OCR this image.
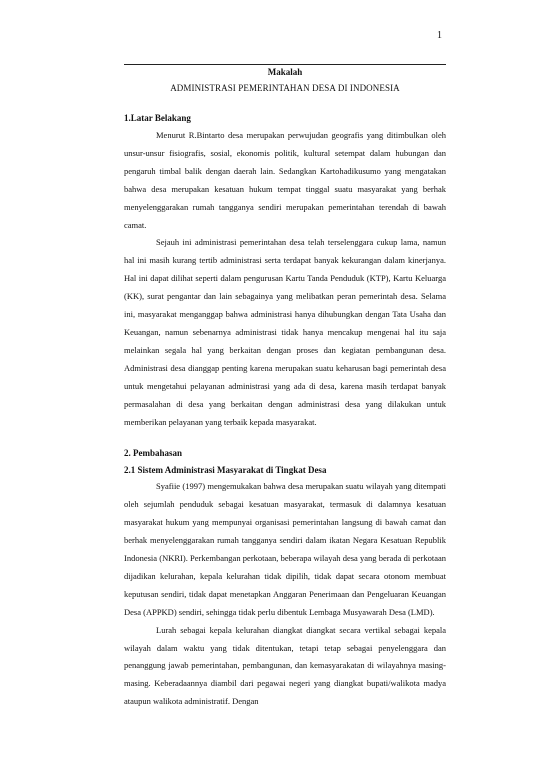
1

Makalah

ADMINISTRASI PEMERINTAHAN DESA DI INDONESIA

1.Latar Belakang

Menurut R.Bintarto desa merupakan perwujudan geografis yang ditimbulkan oleh unsur-unsur fisiografis, sosial, ekonomis politik, kultural setempat dalam hubungan dan pengaruh timbal balik dengan daerah lain. Sedangkan Kartohadikusumo yang mengatakan bahwa desa merupakan kesatuan hukum tempat tinggal suatu masyarakat yang berhak menyelenggarakan rumah tangganya sendiri merupakan pemerintahan terendah di bawah camat.

Sejauh ini administrasi pemerintahan desa telah terselenggara cukup lama, namun hal ini masih kurang tertib administrasi serta terdapat banyak kekurangan dalam kinerjanya. Hal ini dapat dilihat seperti dalam pengurusan Kartu Tanda Penduduk (KTP), Kartu Keluarga (KK), surat pengantar dan lain sebagainya yang melibatkan peran pemerintah desa. Selama ini, masyarakat menganggap bahwa administrasi hanya dihubungkan dengan Tata Usaha dan Keuangan, namun sebenarnya administrasi tidak hanya mencakup mengenai hal itu saja melainkan segala hal yang berkaitan dengan proses dan kegiatan pembangunan desa. Administrasi desa dianggap penting karena merupakan suatu keharusan bagi pemerintah desa untuk mengetahui pelayanan administrasi yang ada di desa, karena masih terdapat banyak permasalahan di desa yang berkaitan dengan administrasi desa yang dilakukan untuk memberikan pelayanan yang terbaik kepada masyarakat.

2. Pembahasan

2.1 Sistem Administrasi Masyarakat di Tingkat Desa

Syafiie (1997) mengemukakan bahwa desa merupakan suatu wilayah yang ditempati oleh sejumlah penduduk sebagai kesatuan masyarakat, termasuk di dalamnya kesatuan masyarakat hukum yang mempunyai organisasi pemerintahan langsung di bawah camat dan berhak menyelenggarakan rumah tangganya sendiri dalam ikatan Negara Kesatuan Republik Indonesia (NKRI). Perkembangan perkotaan, beberapa wilayah desa yang berada di perkotaan dijadikan kelurahan, kepala kelurahan tidak dipilih, tidak dapat secara otonom membuat keputusan sendiri, tidak dapat menetapkan Anggaran Penerimaan dan Pengeluaran Keuangan Desa (APPKD) sendiri, sehingga tidak perlu dibentuk Lembaga Musyawarah Desa (LMD).

Lurah sebagai kepala kelurahan diangkat diangkat secara vertikal sebagai kepala wilayah dalam waktu yang tidak ditentukan, tetapi tetap sebagai penyelenggara dan penanggung jawab pemerintahan, pembangunan, dan kemasyarakatan di wilayahnya masing-masing. Keberadaannya diambil dari pegawai negeri yang diangkat bupati/walikota madya ataupun walikota administratif. Dengan
